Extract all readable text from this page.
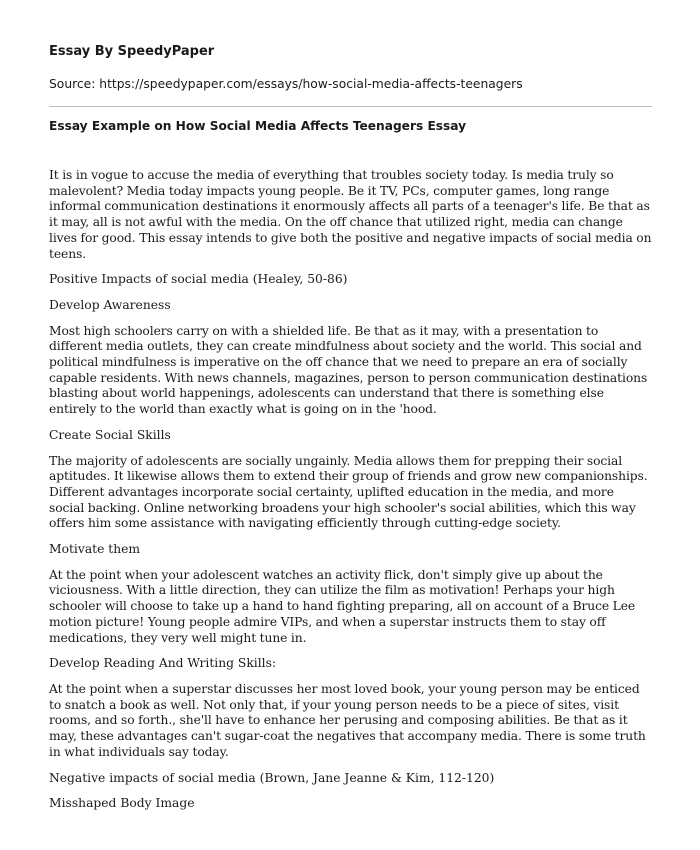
Essay By SpeedyPaper
Source: https://speedypaper.com/essays/how-social-media-affects-teenagers
Essay Example on How Social Media Affects Teenagers Essay

It is in vogue to accuse the media of everything that troubles society today. Is media truly so malevolent? Media today impacts young people. Be it TV, PCs, computer games, long range informal communication destinations it enormously affects all parts of a teenager's life. Be that as it may, all is not awful with the media. On the off chance that utilized right, media can change lives for good. This essay intends to give both the positive and negative impacts of social media on teens.

Positive Impacts of social media (Healey, 50-86)

Develop Awareness

Most high schoolers carry on with a shielded life. Be that as it may, with a presentation to different media outlets, they can create mindfulness about society and the world. This social and political mindfulness is imperative on the off chance that we need to prepare an era of socially capable residents. With news channels, magazines, person to person communication destinations blasting about world happenings, adolescents can understand that there is something else entirely to the world than exactly what is going on in the 'hood.

Create Social Skills

The majority of adolescents are socially ungainly. Media allows them for prepping their social aptitudes. It likewise allows them to extend their group of friends and grow new companionships. Different advantages incorporate social certainty, uplifted education in the media, and more social backing. Online networking broadens your high schooler's social abilities, which this way offers him some assistance with navigating efficiently through cutting-edge society.

Motivate them

At the point when your adolescent watches an activity flick, don't simply give up about the viciousness. With a little direction, they can utilize the film as motivation! Perhaps your high schooler will choose to take up a hand to hand fighting preparing, all on account of a Bruce Lee motion picture! Young people admire VIPs, and when a superstar instructs them to stay off medications, they very well might tune in.

Develop Reading And Writing Skills:

At the point when a superstar discusses her most loved book, your young person may be enticed to snatch a book as well. Not only that, if your young person needs to be a piece of sites, visit rooms, and so forth., she'll have to enhance her perusing and composing abilities. Be that as it may, these advantages can't sugar-coat the negatives that accompany media. There is some truth in what individuals say today.

Negative impacts of social media (Brown, Jane Jeanne & Kim, 112-120)

Misshaped Body Image
